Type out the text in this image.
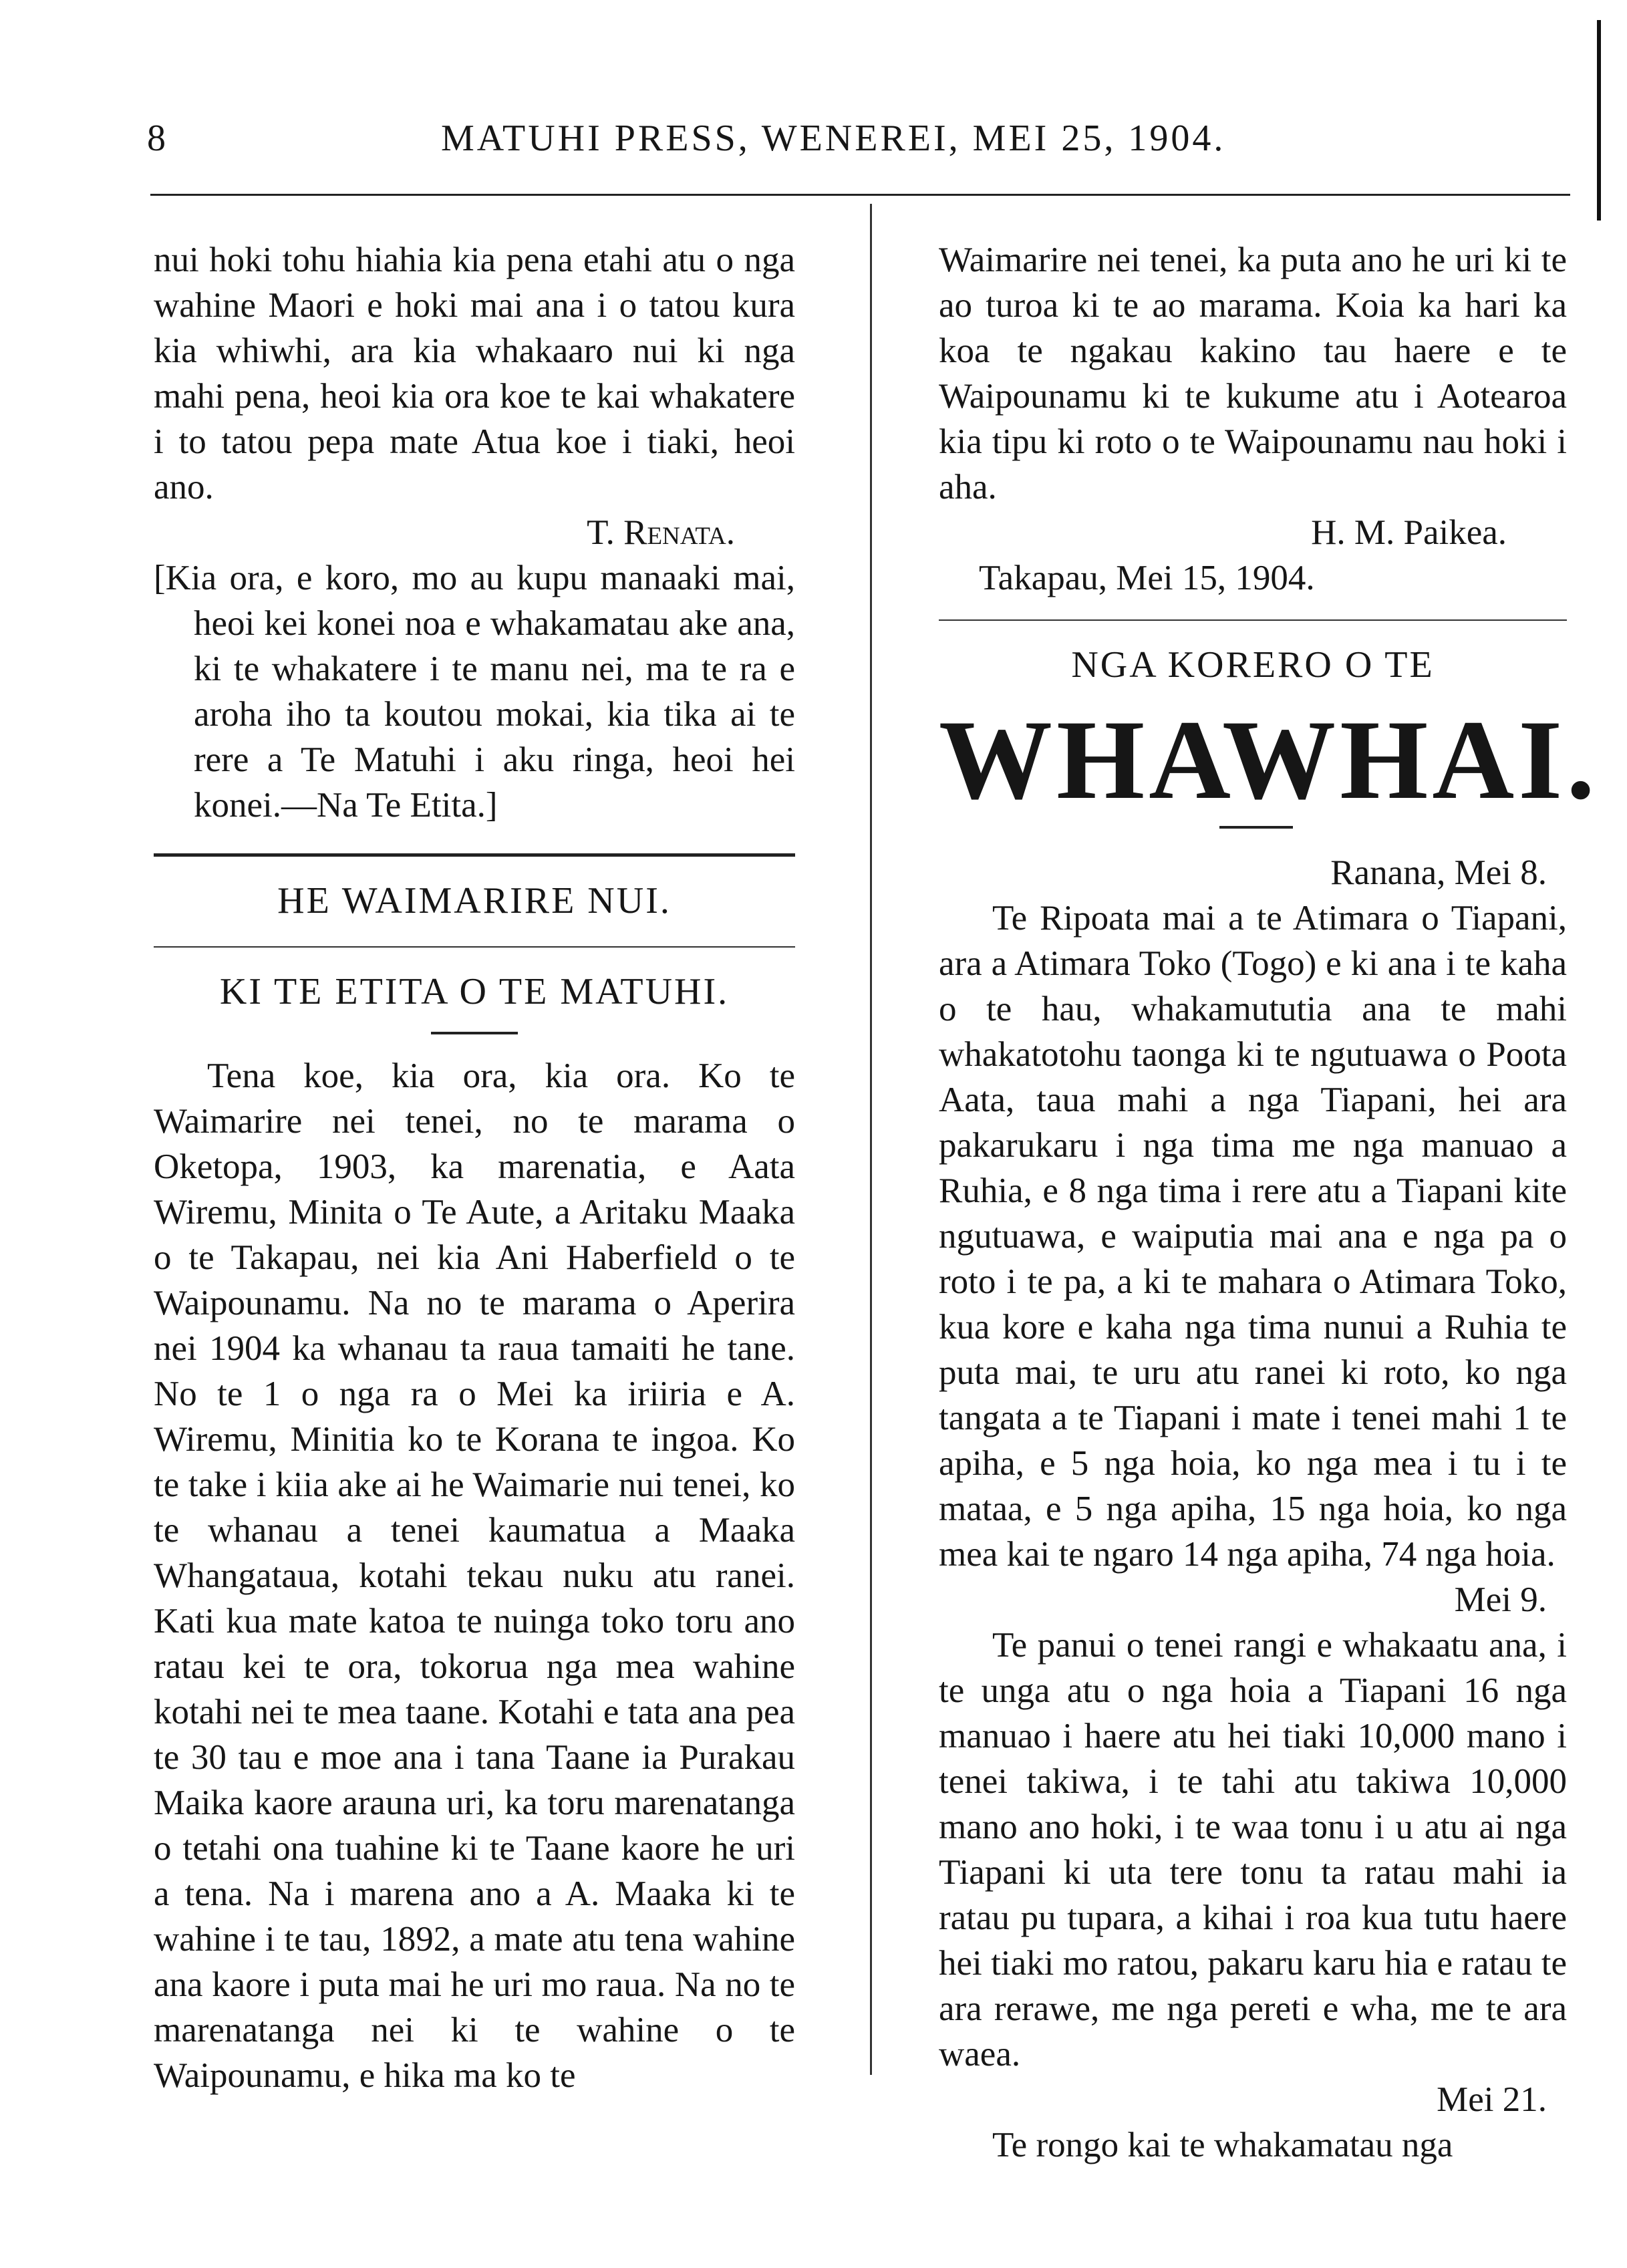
8	MATUHI PRESS, WENEREI, MEI 25, 1904.

nui hoki tohu hiahia kia pena etahi atu o nga wahine Maori e hoki mai ana i o tatou kura kia whiwhi, ara kia whakaaro nui ki nga mahi pena, heoi kia ora koe te kai whakatere i to tatou pepa mate Atua koe i tiaki, heoi ano.

T. Renata.

[Kia ora, e koro, mo au kupu manaaki mai, heoi kei konei noa e whakamatau ake ana, ki te whakatere i te manu nei, ma te ra e aroha iho ta koutou mokai, kia tika ai te rere a Te Matuhi i aku ringa, heoi hei konei.—Na Te Etita.]

HE WAIMARIRE NUI.
KI TE ETITA O TE MATUHI.

Tena koe, kia ora, kia ora. Ko te Waimarire nei tenei, no te marama o Oketopa, 1903, ka marenatia, e Aata Wiremu, Minita o Te Aute, a Aritaku Maaka o te Takapau, nei kia Ani Haberfield o te Waipounamu. Na no te marama o Aperira nei 1904 ka whanau ta raua tamaiti he tane. No te 1 o nga ra o Mei ka iriiria e A. Wiremu, Minitia ko te Korana te ingoa. Ko te take i kiia ake ai he Waimarie nui tenei, ko te whanau a tenei kaumatua a Maaka Whangataua, kotahi tekau nuku atu ranei. Kati kua mate katoa te nuinga toko toru ano ratau kei te ora, tokorua nga mea wahine kotahi nei te mea taane. Kotahi e tata ana pea te 30 tau e moe ana i tana Taane ia Purakau Maika kaore arauna uri, ka toru marenatanga o tetahi ona tuahine ki te Taane kaore he uri a tena. Na i marena ano a A. Maaka ki te wahine i te tau, 1892, a mate atu tena wahine ana kaore i puta mai he uri mo raua. Na no te marenatanga nei ki te wahine o te Waipounamu, e hika ma ko te

Waimarire nei tenei, ka puta ano he uri ki te ao turoa ki te ao marama. Koia ka hari ka koa te ngakau kakino tau haere e te Waipounamu ki te kukume atu i Aotearoa kia tipu ki roto o te Waipounamu nau hoki i aha.

H. M. Paikea.

Takapau, Mei 15, 1904.

NGA KORERO O TE
WHAWHAI.

Ranana, Mei 8.

Te Ripoata mai a te Atimara o Tiapani, ara a Atimara Toko (Togo) e ki ana i te kaha o te hau, whakamututia ana te mahi whakatotohu taonga ki te ngutuawa o Poota Aata, taua mahi a nga Tiapani, hei ara pakarukaru i nga tima me nga manuao a Ruhia, e 8 nga tima i rere atu a Tiapani kite ngutuawa, e waiputia mai ana e nga pa o roto i te pa, a ki te mahara o Atimara Toko, kua kore e kaha nga tima nunui a Ruhia te puta mai, te uru atu ranei ki roto, ko nga tangata a te Tiapani i mate i tenei mahi 1 te apiha, e 5 nga hoia, ko nga mea i tu i te mataa, e 5 nga apiha, 15 nga hoia, ko nga mea kai te ngaro 14 nga apiha, 74 nga hoia.

Mei 9.

Te panui o tenei rangi e whakaatu ana, i te unga atu o nga hoia a Tiapani 16 nga manuao i haere atu hei tiaki 10,000 mano i tenei takiwa, i te tahi atu takiwa 10,000 mano ano hoki, i te waa tonu i u atu ai nga Tiapani ki uta tere tonu ta ratau mahi ia ratau pu tupara, a kihai i roa kua tutu haere hei tiaki mo ratou, pakaru karu hia e ratau te ara rerawe, me nga pereti e wha, me te ara waea.

Mei 21.

Te rongo kai te whakamatau nga
